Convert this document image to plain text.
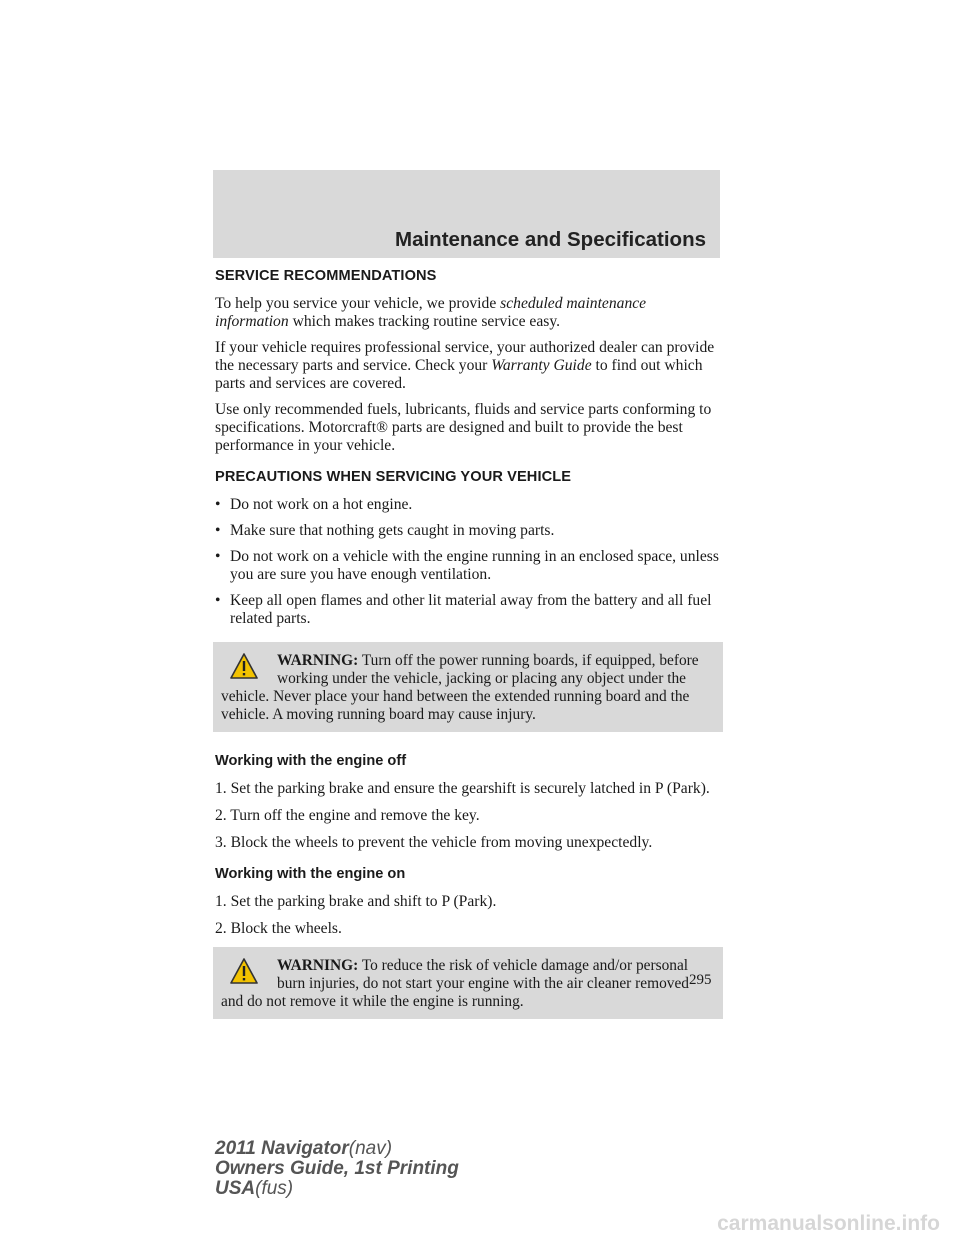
Maintenance and Specifications
SERVICE RECOMMENDATIONS

To help you service your vehicle, we provide scheduled maintenance information which makes tracking routine service easy.

If your vehicle requires professional service, your authorized dealer can provide the necessary parts and service. Check your Warranty Guide to find out which parts and services are covered.

Use only recommended fuels, lubricants, fluids and service parts conforming to specifications. Motorcraft® parts are designed and built to provide the best performance in your vehicle.

PRECAUTIONS WHEN SERVICING YOUR VEHICLE
• Do not work on a hot engine.
• Make sure that nothing gets caught in moving parts.
• Do not work on a vehicle with the engine running in an enclosed space, unless you are sure you have enough ventilation.
• Keep all open flames and other lit material away from the battery and all fuel related parts.
WARNING: Turn off the power running boards, if equipped, before working under the vehicle, jacking or placing any object under the vehicle. Never place your hand between the extended running board and the vehicle. A moving running board may cause injury.
Working with the engine off

1. Set the parking brake and ensure the gearshift is securely latched in P (Park).

2. Turn off the engine and remove the key.

3. Block the wheels to prevent the vehicle from moving unexpectedly.

Working with the engine on

1. Set the parking brake and shift to P (Park).

2. Block the wheels.

WARNING: To reduce the risk of vehicle damage and/or personal burn injuries, do not start your engine with the air cleaner removed and do not remove it while the engine is running.
295
2011 Navigator(nav)
Owners Guide, 1st Printing
USA(fus)
carmanualsonline.info
